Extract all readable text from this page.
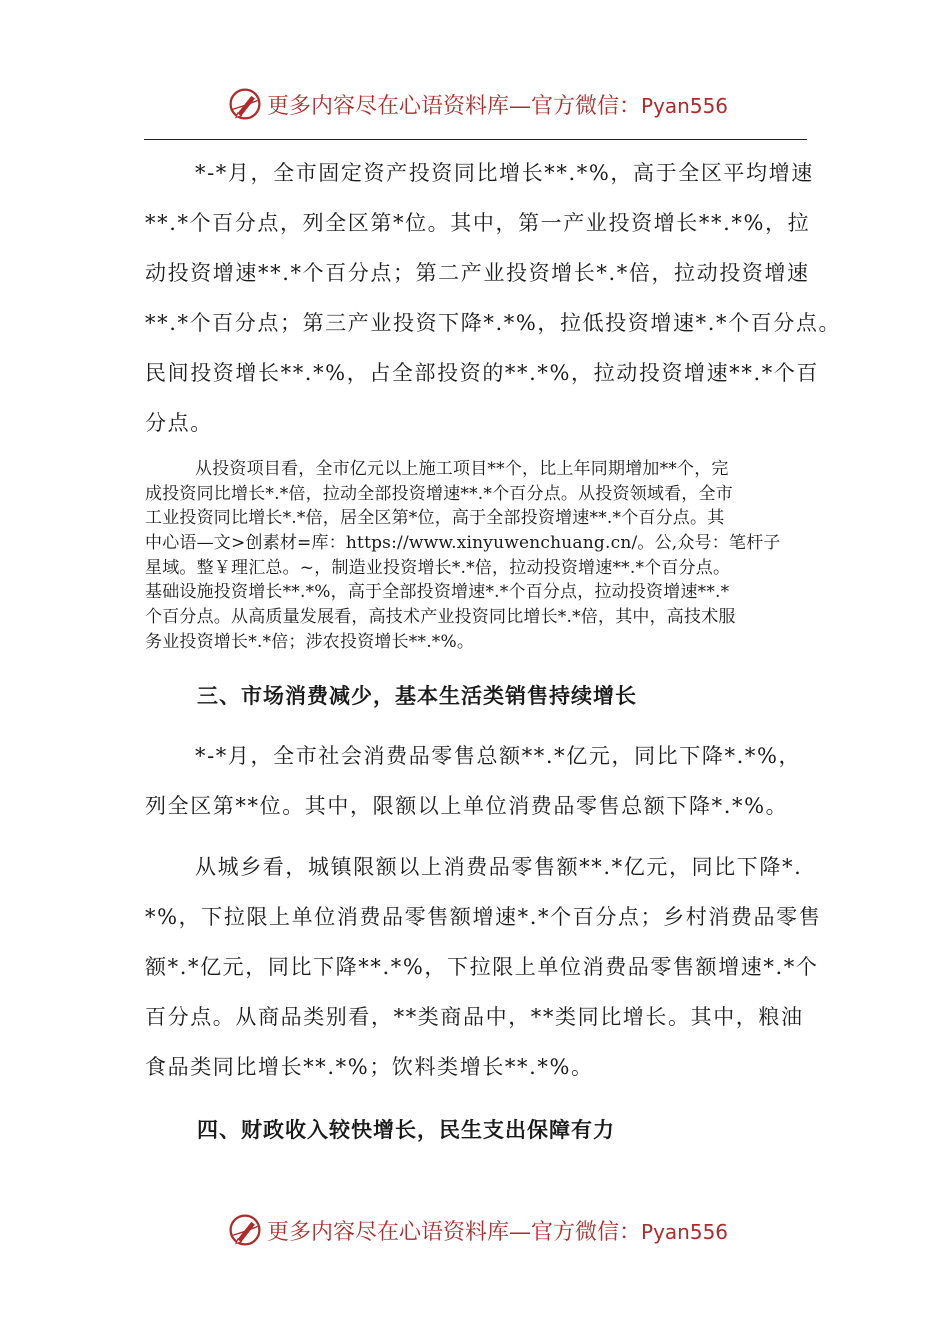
更多内容尽在心语资料库—官方微信：Pyan556
*-*月，全市固定资产投资同比增长**.*%，高于全区平均增速
**.*个百分点，列全区第*位。其中，第一产业投资增长**.*%，拉
动投资增速**.*个百分点；第二产业投资增长*.*倍，拉动投资增速
**.*个百分点；第三产业投资下降*.*%，拉低投资增速*.*个百分点。
民间投资增长**.*%，占全部投资的**.*%，拉动投资增速**.*个百
分点。
从投资项目看，全市亿元以上施工项目**个，比上年同期增加**个，完
成投资同比增长*.*倍，拉动全部投资增速**.*个百分点。从投资领域看，全市
工业投资同比增长*.*倍，居全区第*位，高于全部投资增速**.*个百分点。其
中心语—文>创素材=库：https://www.xinyuwenchuang.cn/。公,众号：笔杆子
星域。整￥理汇总。~，制造业投资增长*.*倍，拉动投资增速**.*个百分点。
基础设施投资增长**.*%，高于全部投资增速*.*个百分点，拉动投资增速**.*
个百分点。从高质量发展看，高技术产业投资同比增长*.*倍，其中，高技术服
务业投资增长*.*倍；涉农投资增长**.*%。
三、市场消费减少，基本生活类销售持续增长
*-*月，全市社会消费品零售总额**.*亿元，同比下降*.*%，
列全区第**位。其中，限额以上单位消费品零售总额下降*.*%。
从城乡看，城镇限额以上消费品零售额**.*亿元，同比下降*.
*%，下拉限上单位消费品零售额增速*.*个百分点；乡村消费品零售
额*.*亿元，同比下降**.*%，下拉限上单位消费品零售额增速*.*个
百分点。从商品类别看，**类商品中，**类同比增长。其中，粮油
食品类同比增长**.*%；饮料类增长**.*%。
四、财政收入较快增长，民生支出保障有力
更多内容尽在心语资料库—官方微信：Pyan556
